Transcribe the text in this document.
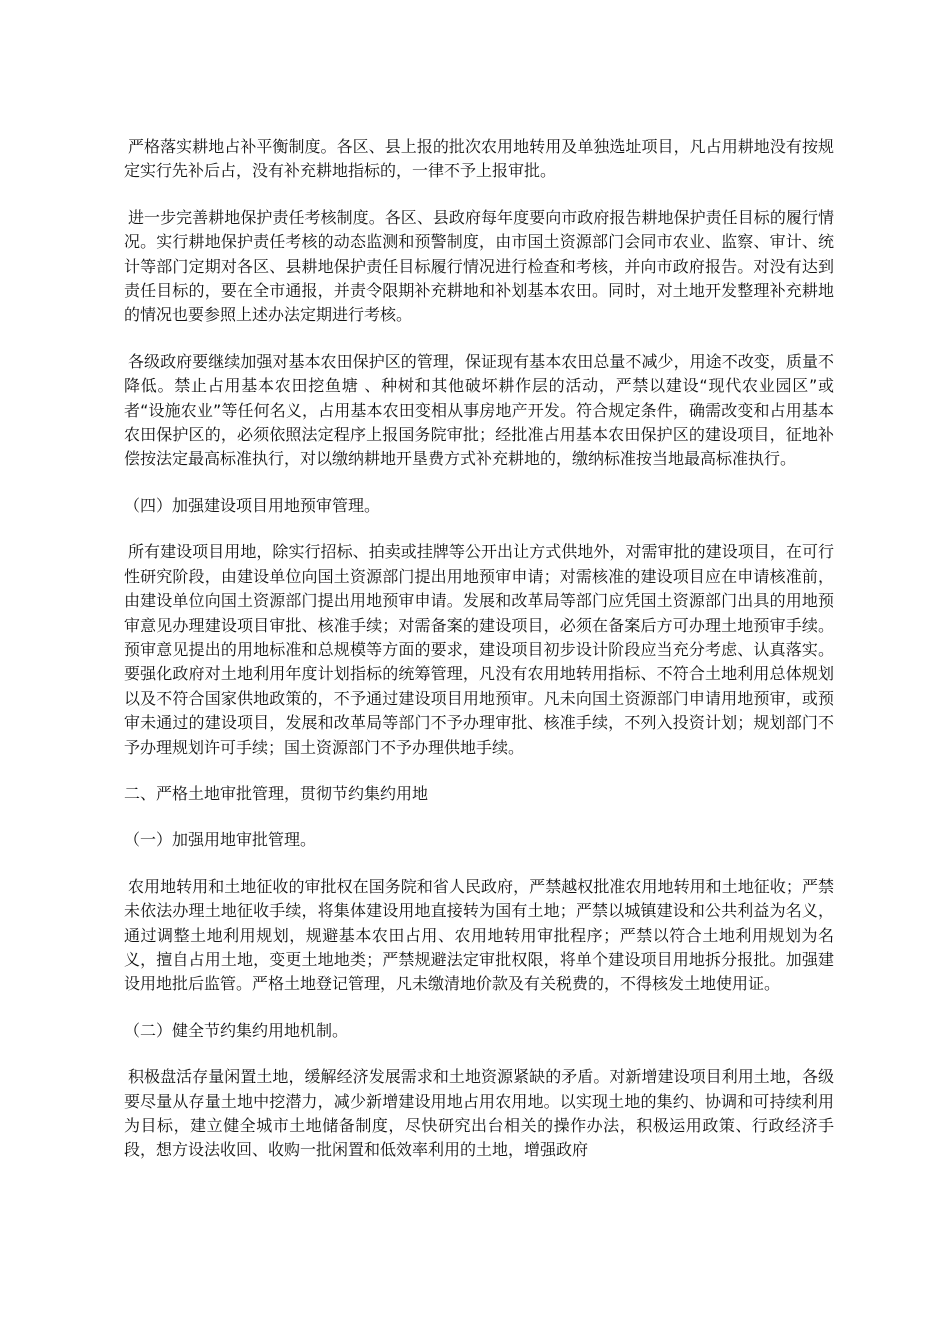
严格落实耕地占补平衡制度。各区、县上报的批次农用地转用及单独选址项目，凡占用耕地没有按规定实行先补后占，没有补充耕地指标的，一律不予上报审批。

进一步完善耕地保护责任考核制度。各区、县政府每年度要向市政府报告耕地保护责任目标的履行情况。实行耕地保护责任考核的动态监测和预警制度，由市国土资源部门会同市农业、监察、审计、统计等部门定期对各区、县耕地保护责任目标履行情况进行检查和考核，并向市政府报告。对没有达到责任目标的，要在全市通报，并责令限期补充耕地和补划基本农田。同时，对土地开发整理补充耕地的情况也要参照上述办法定期进行考核。

各级政府要继续加强对基本农田保护区的管理，保证现有基本农田总量不减少，用途不改变，质量不降低。禁止占用基本农田挖鱼塘 、种树和其他破坏耕作层的活动，严禁以建设“现代农业园区”或者“设施农业”等任何名义，占用基本农田变相从事房地产开发。符合规定条件，确需改变和占用基本农田保护区的，必须依照法定程序上报国务院审批；经批准占用基本农田保护区的建设项目，征地补偿按法定最高标准执行，对以缴纳耕地开垦费方式补充耕地的，缴纳标准按当地最高标准执行。

（四）加强建设项目用地预审管理。

所有建设项目用地，除实行招标、拍卖或挂牌等公开出让方式供地外，对需审批的建设项目，在可行性研究阶段，由建设单位向国土资源部门提出用地预审申请；对需核准的建设项目应在申请核准前，由建设单位向国土资源部门提出用地预审申请。发展和改革局等部门应凭国土资源部门出具的用地预审意见办理建设项目审批、核准手续；对需备案的建设项目，必须在备案后方可办理土地预审手续。预审意见提出的用地标准和总规模等方面的要求，建设项目初步设计阶段应当充分考虑、认真落实。要强化政府对土地利用年度计划指标的统筹管理，凡没有农用地转用指标、不符合土地利用总体规划以及不符合国家供地政策的，不予通过建设项目用地预审。凡未向国土资源部门申请用地预审，或预审未通过的建设项目，发展和改革局等部门不予办理审批、核准手续，不列入投资计划；规划部门不予办理规划许可手续；国土资源部门不予办理供地手续。

二、严格土地审批管理，贯彻节约集约用地

（一）加强用地审批管理。

农用地转用和土地征收的审批权在国务院和省人民政府，严禁越权批准农用地转用和土地征收；严禁未依法办理土地征收手续，将集体建设用地直接转为国有土地；严禁以城镇建设和公共利益为名义，通过调整土地利用规划，规避基本农田占用、农用地转用审批程序；严禁以符合土地利用规划为名义，擅自占用土地，变更土地地类；严禁规避法定审批权限，将单个建设项目用地拆分报批。加强建设用地批后监管。严格土地登记管理，凡未缴清地价款及有关税费的，不得核发土地使用证。

（二）健全节约集约用地机制。

积极盘活存量闲置土地，缓解经济发展需求和土地资源紧缺的矛盾。对新增建设项目利用土地，各级要尽量从存量土地中挖潜力，减少新增建设用地占用农用地。以实现土地的集约、协调和可持续利用为目标，建立健全城市土地储备制度，尽快研究出台相关的操作办法，积极运用政策、行政经济手段，想方设法收回、收购一批闲置和低效率利用的土地，增强政府
